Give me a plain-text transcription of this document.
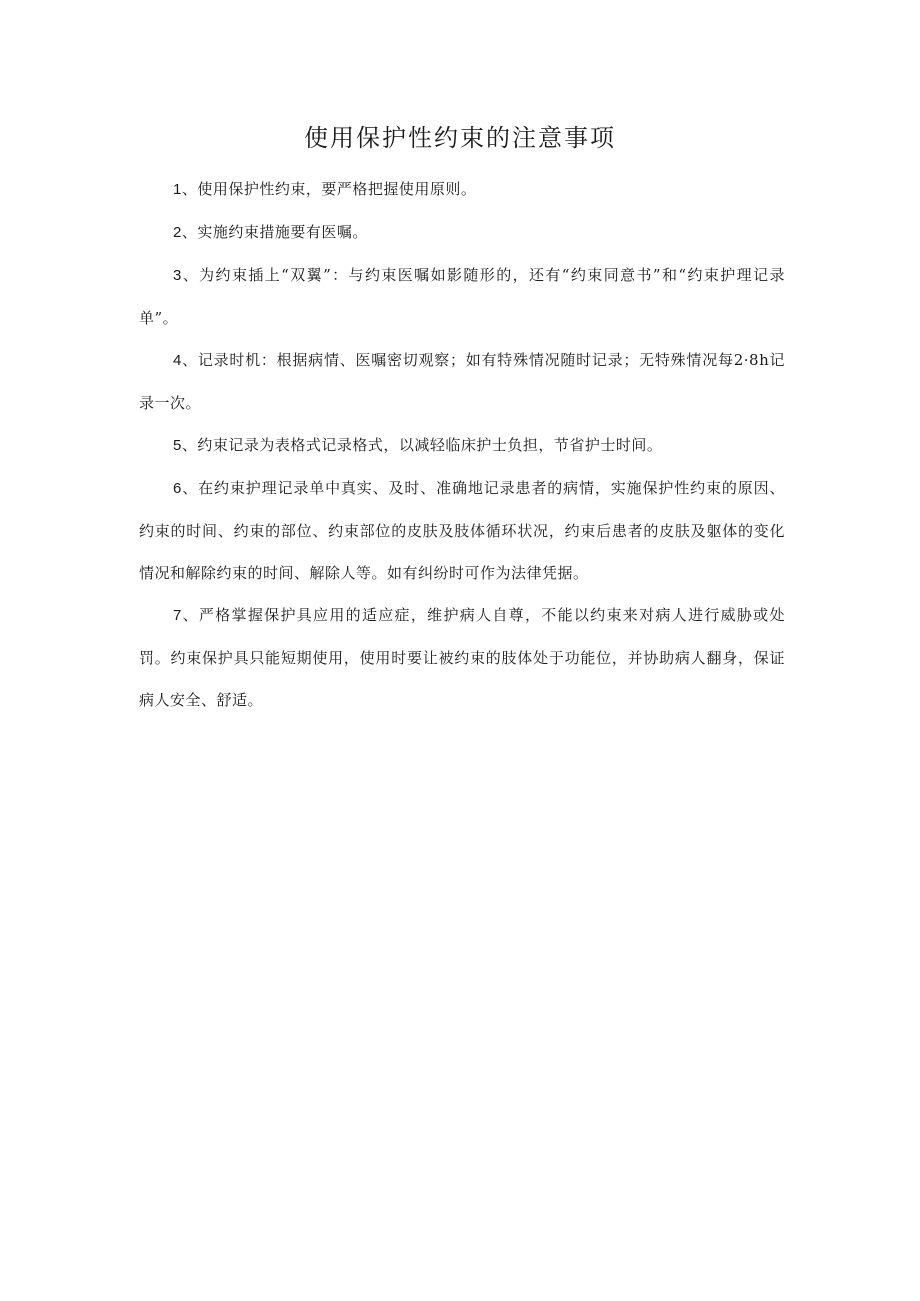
使用保护性约束的注意事项

1、使用保护性约束，要严格把握使用原则。

2、实施约束措施要有医嘱。

3、为约束插上“双翼”：与约束医嘱如影随形的，还有“约束同意书”和“约束护理记录单”。

4、记录时机：根据病情、医嘱密切观察；如有特殊情况随时记录；无特殊情况每2·8h记录一次。

5、约束记录为表格式记录格式，以减轻临床护士负担，节省护士时间。

6、在约束护理记录单中真实、及时、准确地记录患者的病情，实施保护性约束的原因、约束的时间、约束的部位、约束部位的皮肤及肢体循环状况，约束后患者的皮肤及躯体的变化情况和解除约束的时间、解除人等。如有纠纷时可作为法律凭据。

7、严格掌握保护具应用的适应症，维护病人自尊，不能以约束来对病人进行威胁或处罚。约束保护具只能短期使用，使用时要让被约束的肢体处于功能位，并协助病人翻身，保证病人安全、舒适。
